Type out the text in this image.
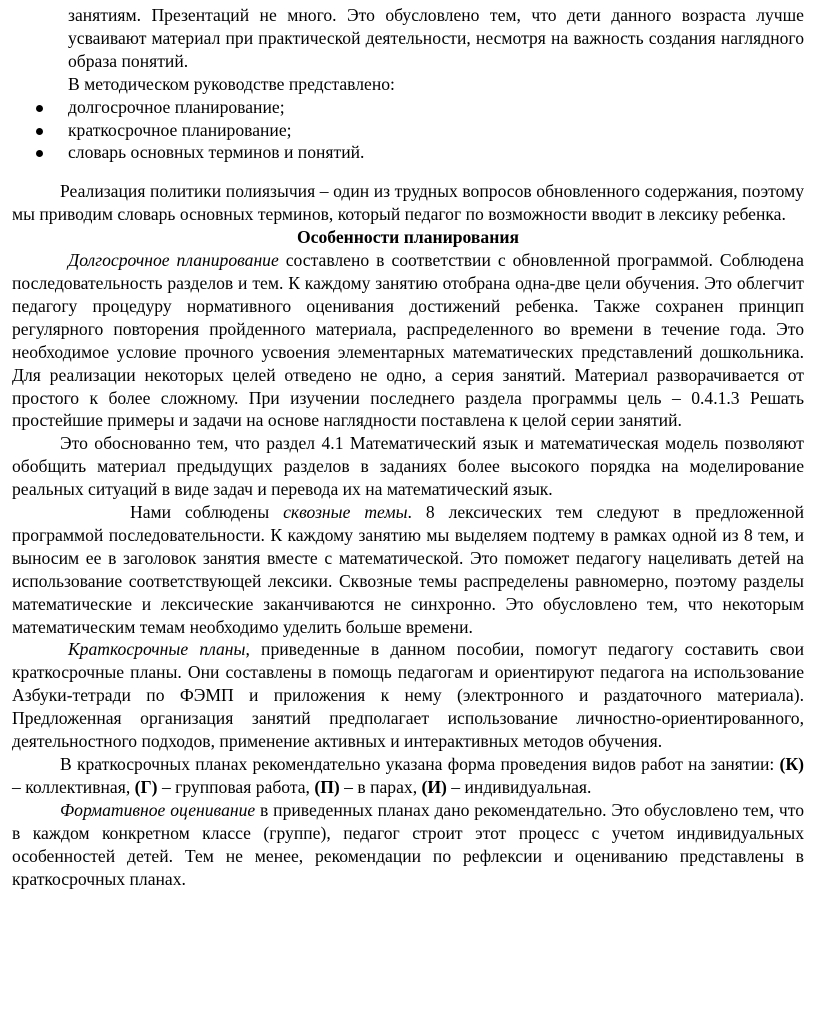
занятиям. Презентаций не много. Это обусловлено тем, что дети данного возраста лучше усваивают материал при практической деятельности, несмотря на важность создания наглядного образа понятий.

В методическом руководстве представлено:

долгосрочное планирование;
краткосрочное планирование;
словарь основных терминов и понятий.

Реализация политики полиязычия – один из трудных вопросов обновленного содержания, поэтому мы приводим словарь основных терминов, который педагог по возможности вводит в лексику ребенка.

Особенности планирования

Долгосрочное планирование составлено в соответствии с обновленной программой. Соблюдена последовательность разделов и тем. К каждому занятию отобрана одна-две цели обучения. Это облегчит педагогу процедуру нормативного оценивания достижений ребенка. Также сохранен принцип регулярного повторения пройденного материала, распределенного во времени в течение года. Это необходимое условие прочного усвоения элементарных математических представлений дошкольника. Для реализации некоторых целей отведено не одно, а серия занятий. Материал разворачивается от простого к более сложному. При изучении последнего раздела программы цель – 0.4.1.3 Решать простейшие примеры и задачи на основе наглядности поставлена к целой серии занятий.

Это обоснованно тем, что раздел 4.1 Математический язык и математическая модель позволяют обобщить материал предыдущих разделов в заданиях более высокого порядка на моделирование реальных ситуаций в виде задач и перевода их на математический язык.

Нами соблюдены сквозные темы. 8 лексических тем следуют в предложенной программой последовательности. К каждому занятию мы выделяем подтему в рамках одной из 8 тем, и выносим ее в заголовок занятия вместе с математической. Это поможет педагогу нацеливать детей на использование соответствующей лексики. Сквозные темы распределены равномерно, поэтому разделы математические и лексические заканчиваются не синхронно. Это обусловлено тем, что некоторым математическим темам необходимо уделить больше времени.

Краткосрочные планы, приведенные в данном пособии, помогут педагогу составить свои краткосрочные планы. Они составлены в помощь педагогам и ориентируют педагога на использование Азбуки-тетради по ФЭМП и приложения к нему (электронного и раздаточного материала). Предложенная организация занятий предполагает использование личностно-ориентированного, деятельностного подходов, применение активных и интерактивных методов обучения.

В краткосрочных планах рекомендательно указана форма проведения видов работ на занятии: (К) – коллективная, (Г) – групповая работа, (П) – в парах, (И) – индивидуальная.

Формативное оценивание в приведенных планах дано рекомендательно. Это обусловлено тем, что в каждом конкретном классе (группе), педагог строит этот процесс с учетом индивидуальных особенностей детей. Тем не менее, рекомендации по рефлексии и оцениванию представлены в краткосрочных планах.
